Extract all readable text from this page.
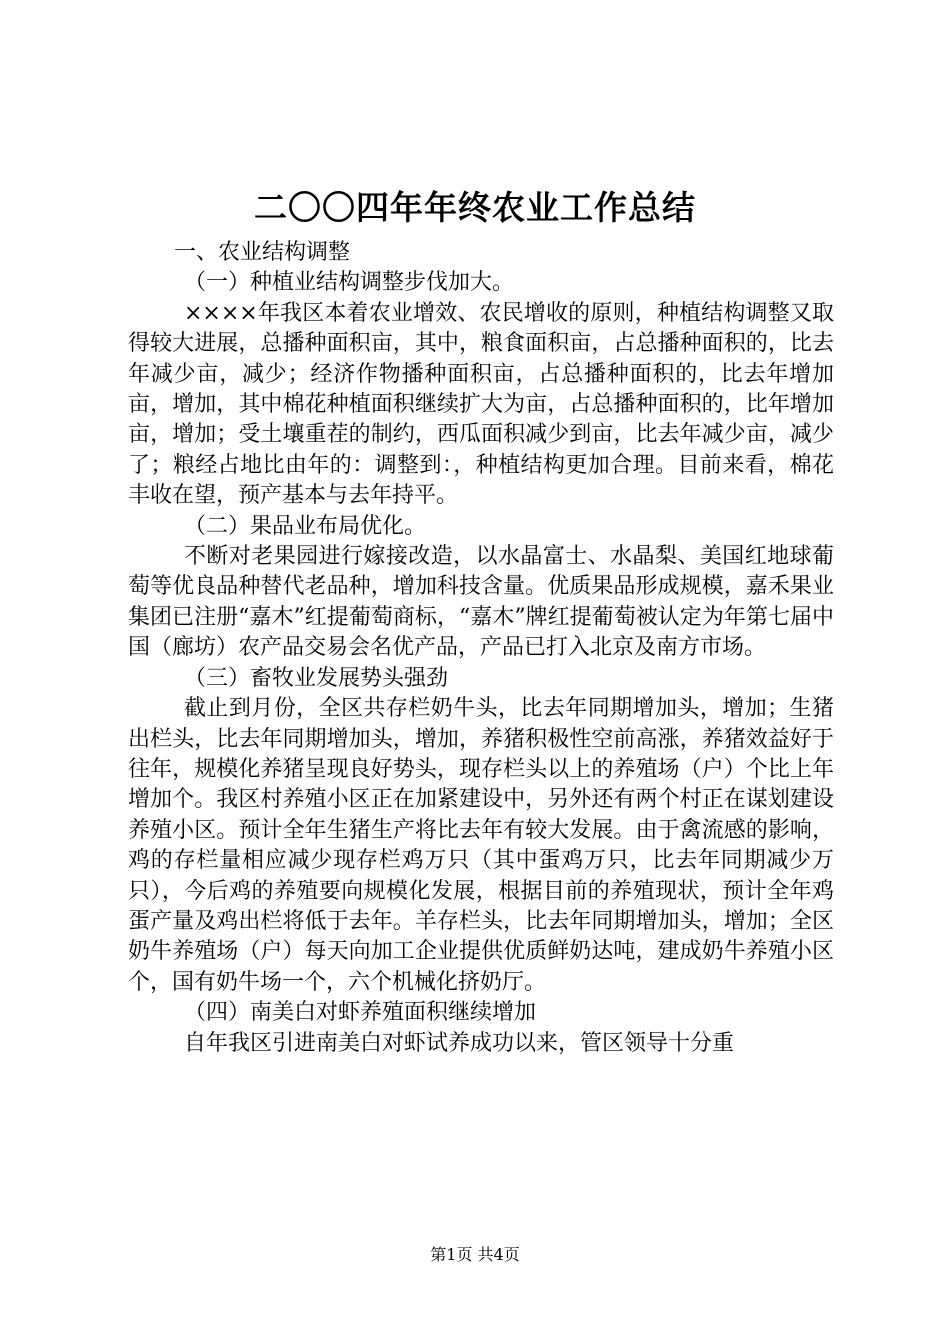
二〇〇四年年终农业工作总结

一、农业结构调整

（一）种植业结构调整步伐加大。

××××年我区本着农业增效、农民增收的原则，种植结构调整又取得较大进展，总播种面积亩，其中，粮食面积亩，占总播种面积的，比去年减少亩，减少；经济作物播种面积亩，占总播种面积的，比去年增加亩，增加，其中棉花种植面积继续扩大为亩，占总播种面积的，比年增加亩，增加；受土壤重茬的制约，西瓜面积减少到亩，比去年减少亩，减少了；粮经占地比由年的：调整到：，种植结构更加合理。目前来看，棉花丰收在望，预产基本与去年持平。

（二）果品业布局优化。

不断对老果园进行嫁接改造，以水晶富士、水晶梨、美国红地球葡萄等优良品种替代老品种，增加科技含量。优质果品形成规模，嘉禾果业集团已注册“嘉木”红提葡萄商标，“嘉木”牌红提葡萄被认定为年第七届中国（廊坊）农产品交易会名优产品，产品已打入北京及南方市场。

（三）畜牧业发展势头强劲

截止到月份，全区共存栏奶牛头，比去年同期增加头，增加；生猪出栏头，比去年同期增加头，增加，养猪积极性空前高涨，养猪效益好于往年，规模化养猪呈现良好势头，现存栏头以上的养殖场（户）个比上年增加个。我区村养殖小区正在加紧建设中，另外还有两个村正在谋划建设养殖小区。预计全年生猪生产将比去年有较大发展。由于禽流感的影响，鸡的存栏量相应减少现存栏鸡万只（其中蛋鸡万只，比去年同期减少万只），今后鸡的养殖要向规模化发展，根据目前的养殖现状，预计全年鸡蛋产量及鸡出栏将低于去年。羊存栏头，比去年同期增加头，增加；全区奶牛养殖场（户）每天向加工企业提供优质鲜奶达吨，建成奶牛养殖小区个，国有奶牛场一个，六个机械化挤奶厅。

（四）南美白对虾养殖面积继续增加

自年我区引进南美白对虾试养成功以来，管区领导十分重

第1页 共4页
